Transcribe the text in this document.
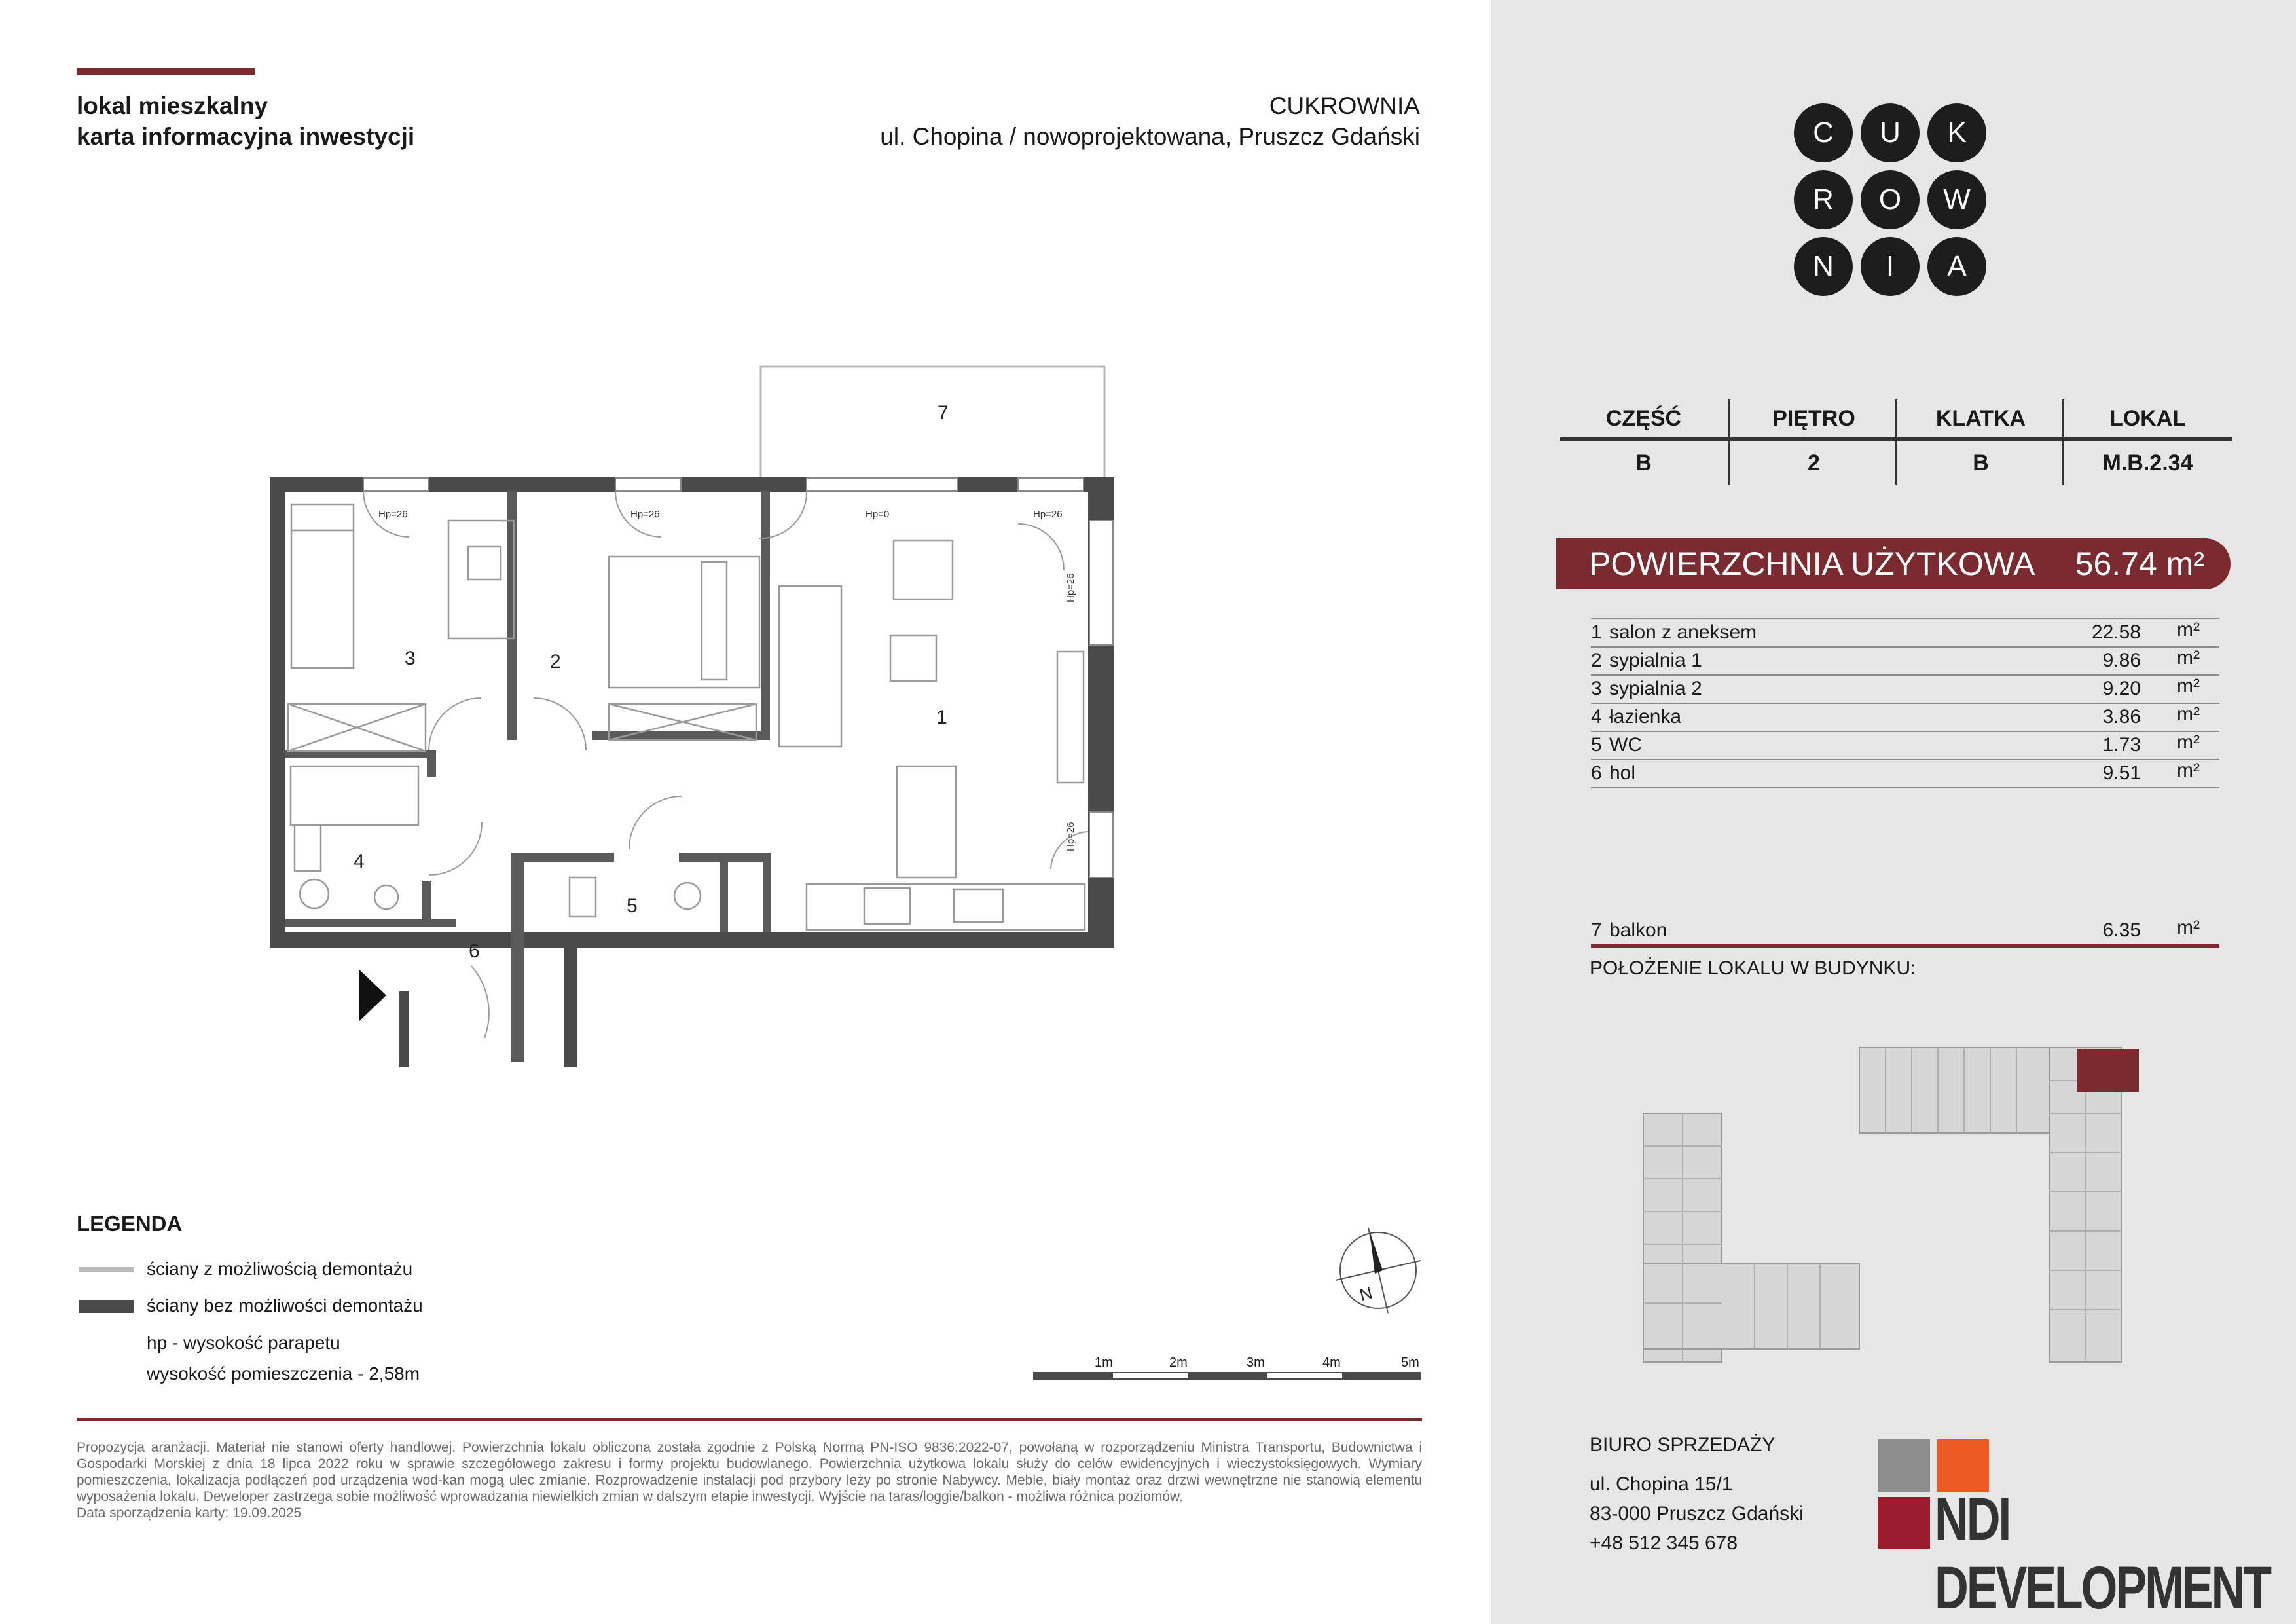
lokal mieszkalny
karta informacyjna inwestycji
CUKROWNIA
ul. Chopina / nowoprojektowana, Pruszcz Gdański	C	U	K
R	O	W
N	I	A
CZĘŚĆ	PIĘTRO	KLATKA	LOKAL
B	2	B	M.B.2.34
POWIERZCHNIA UŻYTKOWA 56.74 m²
1 salon z aneksem	22.58 m²
2 sypialnia 1	9.86 m²
3 sypialnia 2	9.20 m²
4 łazienka	3.86 m²
5 WC	1.73 m²
6 hol	9.51 m²
7 balkon	6.35 m²
POŁOŻENIE LOKALU W BUDYNKU:
Hp=26	Hp=26	Hp=0	Hp=26
Hp=26
Hp=26
1
2
3
4
5
6
7
LEGENDA
ściany z możliwością demontażu
ściany bez możliwości demontażu
hp - wysokość parapetu
wysokość pomieszczenia - 2,58m
N
1m	2m	3m	4m	5m
Propozycja aranżacji. Materiał nie stanowi oferty handlowej. Powierzchnia lokalu obliczona została zgodnie z Polską Normą PN-ISO 9836:2022-07, powołaną w rozporządzeniu Ministra Transportu, Budownictwa i Gospodarki Morskiej z dnia 18 lipca 2022 roku w sprawie szczegółowego zakresu i formy projektu budowlanego. Powierzchnia użytkowa lokalu służy do celów ewidencyjnych i wieczystoksięgowych. Wymiary pomieszczenia, lokalizacja podłączeń pod urządzenia wod-kan mogą ulec zmianie. Rozprowadzenie instalacji pod przybory leży po stronie Nabywcy. Meble, biały montaż oraz drzwi wewnętrzne nie stanowią elementu wyposażenia lokalu. Deweloper zastrzega sobie możliwość wprowadzania niewielkich zmian w dalszym etapie inwestycji. Wyjście na taras/loggie/balkon - możliwa różnica poziomów.
Data sporządzenia karty: 19.09.2025
BIURO SPRZEDAŻY
ul. Chopina 15/1
83-000 Pruszcz Gdański
+48 512 345 678	NDI DEVELOPMENT
